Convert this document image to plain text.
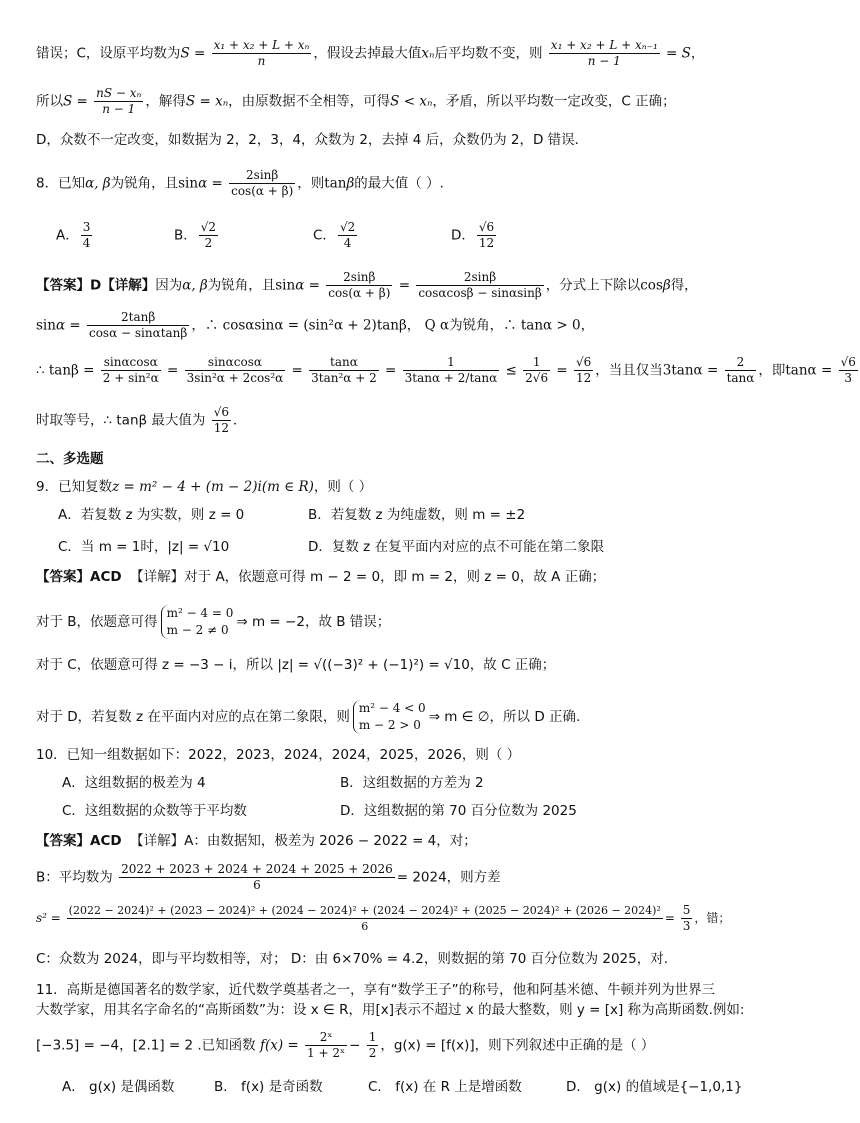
错误；C，设原平均数为$S = \frac{\text{x₁ + x₂ + L + xₙ}}{n}$ ，假设去掉最大值xₙ后平均数不变，则 $\frac{\text{x₁ + x₂ + L + xₙ₋₁}}{n - 1} = S$，
所以$S = \frac{\text{nS − xₙ}}{n - 1}$ ，解得S = xₙ，由原数据不全相等，可得S < xₙ，矛盾，所以平均数一定改变，C 正确；
D，众数不一定改变，如数据为 2，2，3，4，众数为 2，去掉 4 后，众数仍为 2，D 错误．
8．已知α, β为锐角，且$\sin\alpha = \frac{2\sin\beta}{\cos(\alpha + \beta)}$ ，则tanβ的最大值（ ）.
A． $\frac{3}{4}$	B． $\frac{√2}{2}$	C． $\frac{√2}{4}$	D． $\frac{√6}{12}$
【答案】D【详解】因为α, β为锐角，且$\sin\alpha = \frac{2\sin\beta}{\cos(\alpha + \beta)} = \frac{2\sin\beta}{\cos\alpha\cos\beta - \sin\alpha\sin\beta}$ ，分式上下除以cosβ得，
$\sin\alpha = \frac{2\tan\beta}{\cos\alpha - \sin\alpha\tan\beta}$ ，∴ cosαsinα = (sin²α + 2)tanβ， Q α为锐角，∴ tanα > 0，
∴ $\tan\beta = \frac{\sin\alpha\cos\alpha}{\text{2 + sin²α}} = \frac{\sin\alpha\cos\alpha}{\text{3sin²α + 2cos²α}} = \frac{\tan\alpha}{\text{3tan²α + 2}} = \frac{1}{3\tan\alpha + 2/\tan\alpha} \le \frac{1}{2√6} = \frac{√6}{12}$ ，当且仅当$3\tan\alpha = \frac{2}{\tan\alpha}$ ，即$\tan\alpha = \frac{√6}{3}$
时取等号，∴ tanβ 最大值为 $\frac{√6}{12}$ ．
二、多选题
9．已知复数z = m² − 4 + (m − 2)i(m ∈ R)，则（ ）
A．若复数 z 为实数，则 z = 0	B．若复数 z 为纯虚数，则 m = ±2
C．当 m = 1时，|z| = √10	D．复数 z 在复平面内对应的点不可能在第二象限
【答案】ACD 【详解】对于 A，依题意可得 m − 2 = 0，即 m = 2，则 z = 0，故 A 正确；
对于 B，依题意可得
m² − 4 = 0
m − 2 ≠ 0 ⇒ m = −2，故 B 错误；
对于 C，依题意可得 z = −3 − i，所以 |z| = √((−3)² + (−1)²) = √10，故 C 正确；
对于 D，若复数 z 在平面内对应的点在第二象限，则
m² − 4 < 0
m − 2 > 0 ⇒ m ∈ ∅，所以 D 正确.
10．已知一组数据如下：2022，2023，2024，2024，2025，2026，则（ ）
A．这组数据的极差为 4	B．这组数据的方差为 2
C．这组数据的众数等于平均数	D．这组数据的第 70 百分位数为 2025
【答案】ACD 【详解】A：由数据知，极差为 2026 − 2022 = 4，对；
B：平均数为 $\frac{2022 + 2023 + 2024 + 2024 + 2025 + 2026}{6} = 2024$，则方差
s² =
(2022 − 2024)² + (2023 − 2024)² + (2024 − 2024)² + (2024 − 2024)² + (2025 − 2024)² + (2026 − 2024)²
6
= $\frac{5}{3}$ ，错；
C：众数为 2024，即与平均数相等，对； D：由 6×70% = 4.2，则数据的第 70 百分位数为 2025，对.
11．高斯是德国著名的数学家，近代数学奠基者之一，享有“数学王子”的称号，他和阿基米德、牛顿并列为世界三
大数学家，用其名字命名的“高斯函数”为：设 x ∈ R，用[x]表示不超过 x 的最大整数，则 y = [x] 称为高斯函数.例如:
[−3.5] = −4，[2.1] = 2 .已知函数 $f(x) = \frac{\text{2ˣ}}{\text{1 + 2ˣ}} - \frac{1}{2}$ ，g(x) = [f(x)]，则下列叙述中正确的是（ ）
A． g(x) 是偶函数	B． f(x) 是奇函数	C． f(x) 在 R 上是增函数	D． g(x) 的值域是{−1,0,1}
